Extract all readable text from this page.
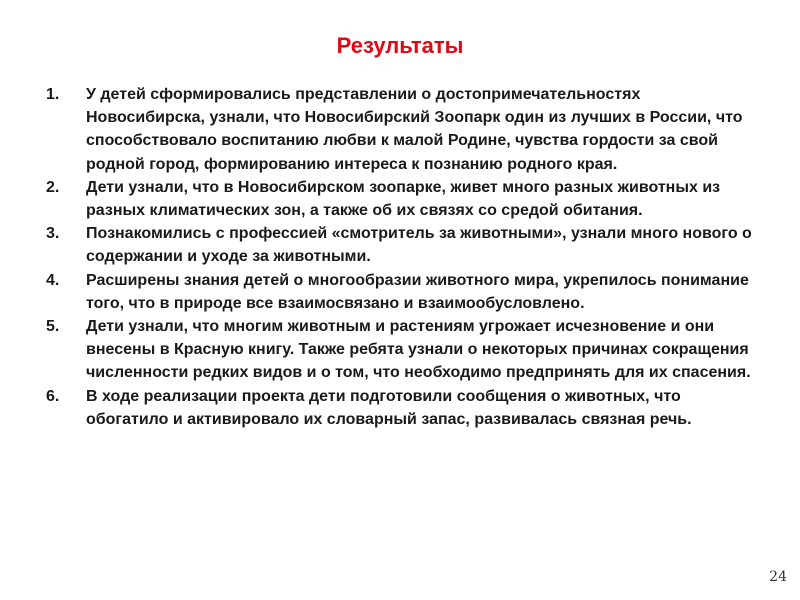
Результаты
1. У детей сформировались представлении о достопримечательностях Новосибирска, узнали, что Новосибирский Зоопарк один из лучших в России, что способствовало воспитанию любви к малой Родине, чувства гордости за свой родной город, формированию интереса к познанию родного края.
2. Дети узнали, что в Новосибирском зоопарке, живет много разных животных из разных климатических зон, а также об их связях со средой обитания.
3. Познакомились с профессией «смотритель за животными», узнали много нового о содержании и уходе за животными.
4. Расширены знания детей о многообразии животного мира, укрепилось понимание того, что в природе все взаимосвязано и взаимообусловлено.
5. Дети узнали, что многим животным и растениям угрожает исчезновение и они внесены в Красную книгу. Также ребята узнали о некоторых причинах сокращения численности редких видов и о том, что необходимо предпринять для их спасения.
6. В ходе реализации проекта дети подготовили сообщения о животных, что обогатило и активировало их словарный запас, развивалась связная речь.
24
